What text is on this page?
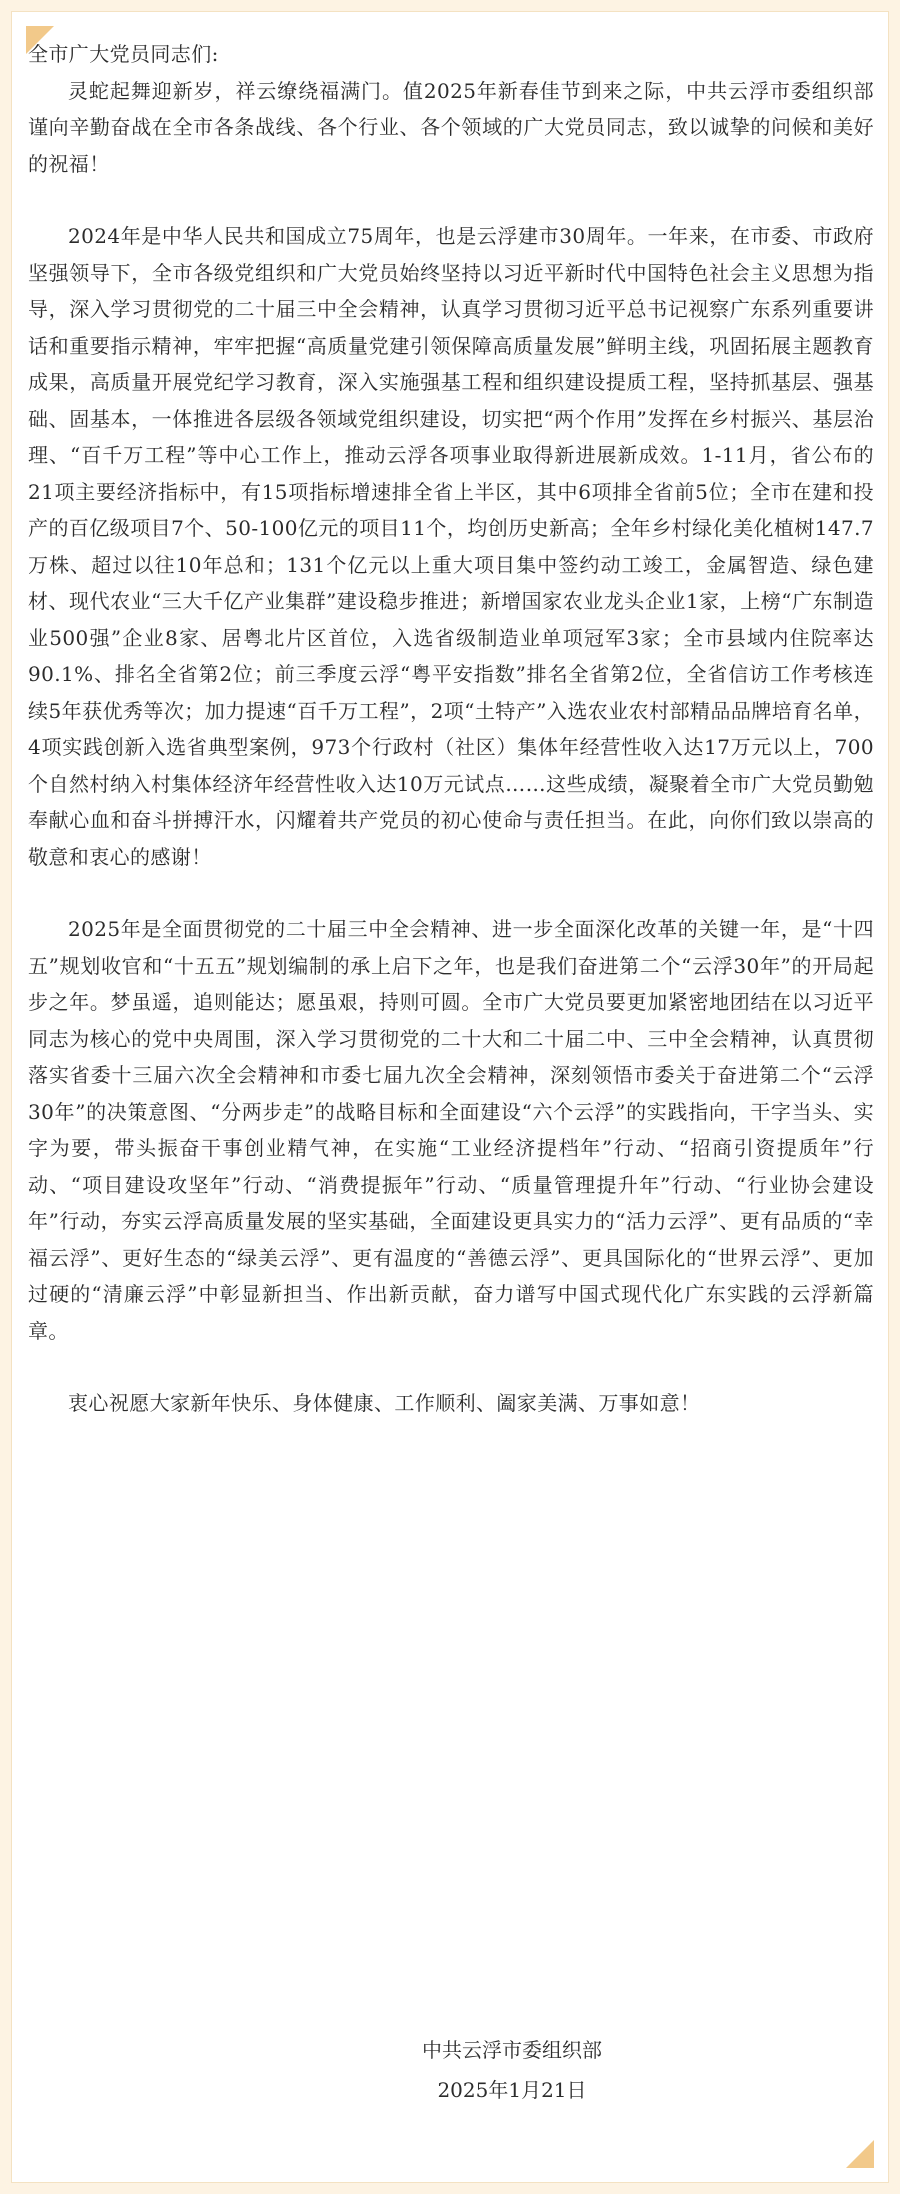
全市广大党员同志们:

灵蛇起舞迎新岁，祥云缭绕福满门。值2025年新春佳节到来之际，中共云浮市委组织部谨向辛勤奋战在全市各条战线、各个行业、各个领域的广大党员同志，致以诚挚的问候和美好的祝福！

2024年是中华人民共和国成立75周年，也是云浮建市30周年。一年来，在市委、市政府坚强领导下，全市各级党组织和广大党员始终坚持以习近平新时代中国特色社会主义思想为指导，深入学习贯彻党的二十届三中全会精神，认真学习贯彻习近平总书记视察广东系列重要讲话和重要指示精神，牢牢把握“高质量党建引领保障高质量发展”鲜明主线，巩固拓展主题教育成果，高质量开展党纪学习教育，深入实施强基工程和组织建设提质工程，坚持抓基层、强基础、固基本，一体推进各层级各领域党组织建设，切实把“两个作用”发挥在乡村振兴、基层治理、“百千万工程”等中心工作上，推动云浮各项事业取得新进展新成效。1-11月，省公布的21项主要经济指标中，有15项指标增速排全省上半区，其中6项排全省前5位；全市在建和投产的百亿级项目7个、50-100亿元的项目11个，均创历史新高；全年乡村绿化美化植树147.7万株、超过以往10年总和；131个亿元以上重大项目集中签约动工竣工，金属智造、绿色建材、现代农业“三大千亿产业集群”建设稳步推进；新增国家农业龙头企业1家，上榜“广东制造业500强”企业8家、居粤北片区首位，入选省级制造业单项冠军3家；全市县域内住院率达90.1%、排名全省第2位；前三季度云浮“粤平安指数”排名全省第2位，全省信访工作考核连续5年获优秀等次；加力提速“百千万工程”，2项“土特产”入选农业农村部精品品牌培育名单，4项实践创新入选省典型案例，973个行政村（社区）集体年经营性收入达17万元以上，700个自然村纳入村集体经济年经营性收入达10万元试点……这些成绩，凝聚着全市广大党员勤勉奉献心血和奋斗拼搏汗水，闪耀着共产党员的初心使命与责任担当。在此，向你们致以崇高的敬意和衷心的感谢！

2025年是全面贯彻党的二十届三中全会精神、进一步全面深化改革的关键一年，是“十四五”规划收官和“十五五”规划编制的承上启下之年，也是我们奋进第二个“云浮30年”的开局起步之年。梦虽遥，追则能达；愿虽艰，持则可圆。全市广大党员要更加紧密地团结在以习近平同志为核心的党中央周围，深入学习贯彻党的二十大和二十届二中、三中全会精神，认真贯彻落实省委十三届六次全会精神和市委七届九次全会精神，深刻领悟市委关于奋进第二个“云浮30年”的决策意图、“分两步走”的战略目标和全面建设“六个云浮”的实践指向，干字当头、实字为要，带头振奋干事创业精气神，在实施“工业经济提档年”行动、“招商引资提质年”行动、“项目建设攻坚年”行动、“消费提振年”行动、“质量管理提升年”行动、“行业协会建设年”行动，夯实云浮高质量发展的坚实基础，全面建设更具实力的“活力云浮”、更有品质的“幸福云浮”、更好生态的“绿美云浮”、更有温度的“善德云浮”、更具国际化的“世界云浮”、更加过硬的“清廉云浮”中彰显新担当、作出新贡献，奋力谱写中国式现代化广东实践的云浮新篇章。

衷心祝愿大家新年快乐、身体健康、工作顺利、阖家美满、万事如意！

中共云浮市委组织部
2025年1月21日
